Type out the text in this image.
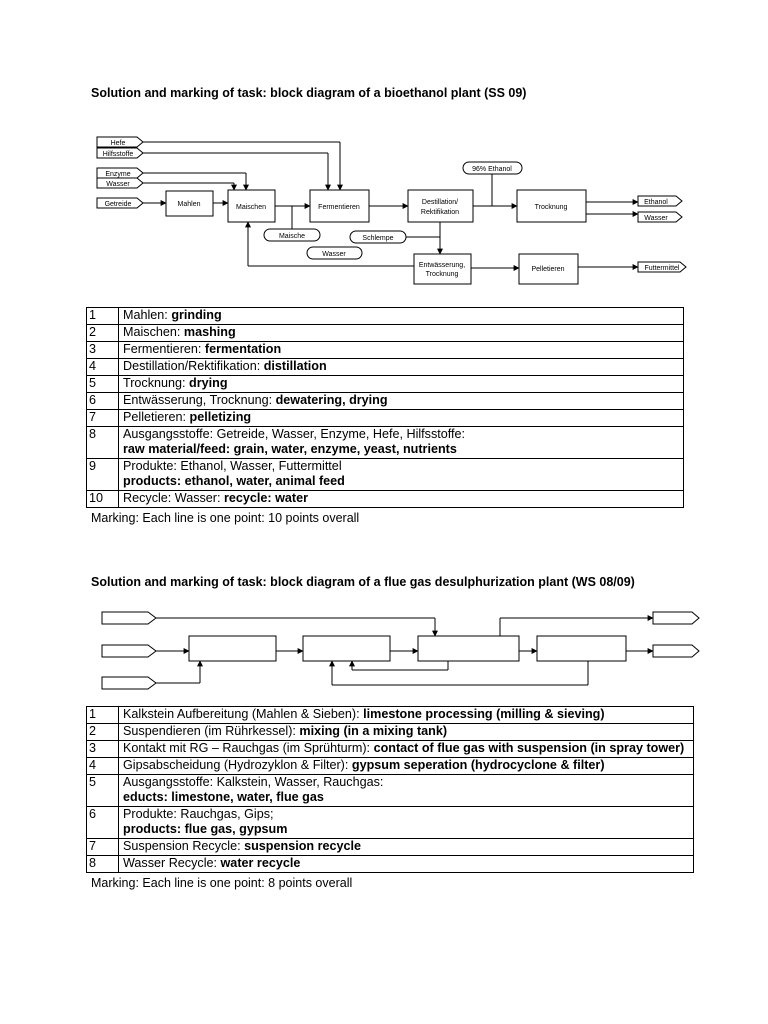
Solution and marking of task: block diagram of a bioethanol plant (SS 09)
Hefe
Hilfsstoffe
Enzyme
Wasser
Getreide	Mahlen	Maischen	Fermentieren
Destillation/
Rektifikation
Trocknung
Entwässerung,
Trocknung
Pelletieren
96% Ethanol
Maische	Schlempe
Wasser
Ethanol
Wasser
Futtermittel
1	Mahlen: grinding
2	Maischen: mashing
3	Fermentieren: fermentation
4	Destillation/Rektifikation: distillation
5	Trocknung: drying
6	Entwässerung, Trocknung: dewatering, drying
7	Pelletieren: pelletizing
8	Ausgangsstoffe: Getreide, Wasser, Enzyme, Hefe, Hilfsstoffe:
raw material/feed: grain, water, enzyme, yeast, nutrients
9	Produkte: Ethanol, Wasser, Futtermittel
products: ethanol, water, animal feed
10	Recycle: Wasser: recycle: water
Marking: Each line is one point: 10 points overall
Solution and marking of task: block diagram of a flue gas desulphurization plant (WS 08/09)
1	Kalkstein Aufbereitung (Mahlen & Sieben): limestone processing (milling & sieving)
2	Suspendieren (im Rührkessel): mixing (in a mixing tank)
3	Kontakt mit RG – Rauchgas (im Sprühturm): contact of flue gas with suspension (in spray tower)
4	Gipsabscheidung (Hydrozyklon & Filter): gypsum seperation (hydrocyclone & filter)
5	Ausgangsstoffe: Kalkstein, Wasser, Rauchgas:
educts: limestone, water, flue gas
6	Produkte: Rauchgas, Gips;
products: flue gas, gypsum
7	Suspension Recycle: suspension recycle
8	Wasser Recycle: water recycle
Marking: Each line is one point: 8 points overall
